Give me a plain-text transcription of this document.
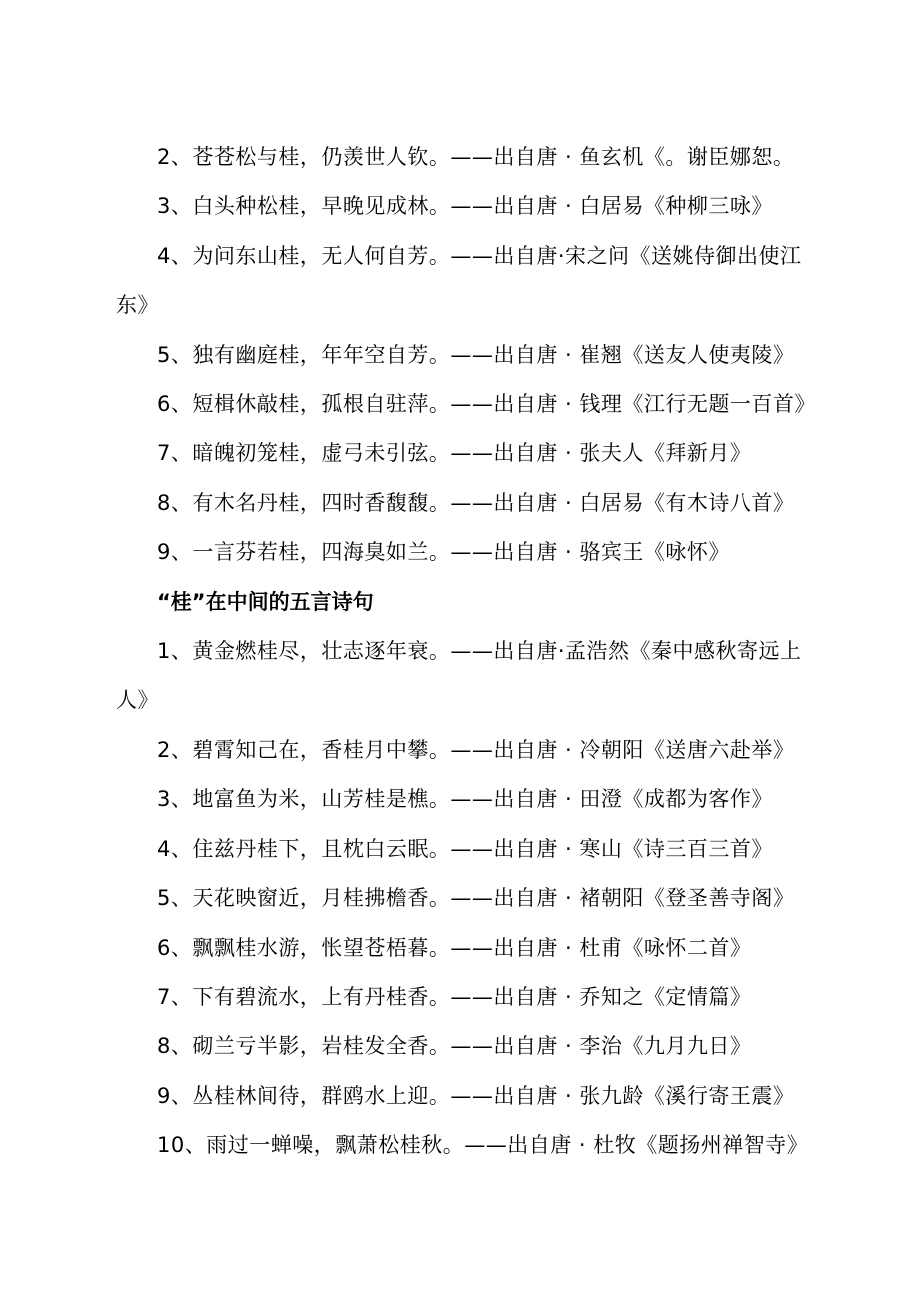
2、苍苍松与桂，仍羡世人钦。——出自唐 · 鱼玄机《。谢臣娜恕。
3、白头种松桂，早晚见成林。——出自唐 · 白居易《种柳三咏》
4、为问东山桂，无人何自芳。——出自唐·宋之问《送姚侍御出使江
东》
5、独有幽庭桂，年年空自芳。——出自唐 · 崔翘《送友人使夷陵》
6、短楫休敲桂，孤根自驻萍。——出自唐 · 钱理《江行无题一百首》
7、暗魄初笼桂，虚弓未引弦。——出自唐 · 张夫人《拜新月》
8、有木名丹桂，四时香馥馥。——出自唐 · 白居易《有木诗八首》
9、一言芬若桂，四海臭如兰。——出自唐 · 骆宾王《咏怀》
“桂”在中间的五言诗句
1、黄金燃桂尽，壮志逐年衰。——出自唐·孟浩然《秦中感秋寄远上
人》
2、碧霄知己在，香桂月中攀。——出自唐 · 冷朝阳《送唐六赴举》
3、地富鱼为米，山芳桂是樵。——出自唐 · 田澄《成都为客作》
4、住兹丹桂下，且枕白云眠。——出自唐 · 寒山《诗三百三首》
5、天花映窗近，月桂拂檐香。——出自唐 · 褚朝阳《登圣善寺阁》
6、飘飘桂水游，怅望苍梧暮。——出自唐 · 杜甫《咏怀二首》
7、下有碧流水，上有丹桂香。——出自唐 · 乔知之《定情篇》
8、砌兰亏半影，岩桂发全香。——出自唐 · 李治《九月九日》
9、丛桂林间待，群鸥水上迎。——出自唐 · 张九龄《溪行寄王震》
10、雨过一蝉噪，飘萧松桂秋。——出自唐 · 杜牧《题扬州禅智寺》
